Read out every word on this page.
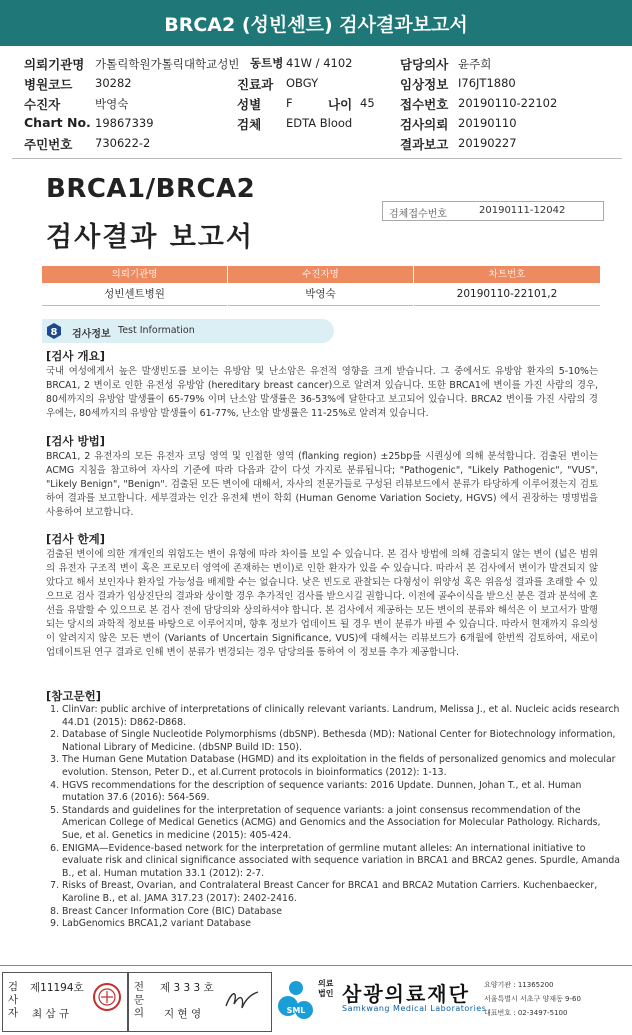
BRCA2 (성빈센트) 검사결과보고서
의뢰기관명 가톨릭학원가톨릭대학교성빈 동트병 41W / 4102	담당의사 윤주희
병원코드 30282	진료과 OBGY	임상정보 I76JT1880
수진자	박영숙	성별 F	나이 45 접수번호 20190110-22102
Chart No. 19867339	검체 EDTA Blood	검사의뢰 20190110
주민번호 730622-2	결과보고 20190227
BRCA1/BRCA2
검사결과 보고서
검체접수번호	20190111-12042
의뢰기관명	수진자명	차트번호
성빈센트병원	박영숙	20190110-22101,2
8 검사정보 Test Information
[검사 개요]
국내 여성에게서 높은 발생빈도를 보이는 유방암 및 난소암은 유전적 영향을 크게 받습니다. 그 중에서도 유방암 환자의 5-10%는 BRCA1, 2 변이로 인한 유전성 유방암 (hereditary breast cancer)으로 알려져 있습니다. 또한 BRCA1에 변이를 가진 사람의 경우, 80세까지의 유방암 발생률이 65-79% 이며 난소암 발생률은 36-53%에 달한다고 보고되어 있습니다. BRCA2 변이를 가진 사람의 경우에는, 80세까지의 유방암 발생률이 61-77%, 난소암 발생률은 11-25%로 알려져 있습니다.
[검사 방법]
BRCA1, 2 유전자의 모든 유전자 코딩 영역 및 인접한 영역 (flanking region) ±25bp를 시퀀싱에 의해 분석합니다. 검출된 변이는 ACMG 지침을 참고하여 자사의 기준에 따라 다음과 같이 다섯 가지로 분류됩니다; "Pathogenic", "Likely Pathogenic", "VUS", "Likely Benign", "Benign". 검출된 모든 변이에 대해서, 자사의 전문가들로 구성된 리뷰보드에서 분류가 타당하게 이루어졌는지 검토하여 결과를 보고합니다. 세부결과는 인간 유전체 변이 학회 (Human Genome Variation Society, HGVS) 에서 권장하는 명명법을 사용하여 보고합니다.
[검사 한계]
검출된 변이에 의한 개개인의 위험도는 변이 유형에 따라 차이를 보일 수 있습니다. 본 검사 방법에 의해 검출되지 않는 변이 (넓은 범위의 유전자 구조적 변이 혹은 프로모터 영역에 존재하는 변이)로 인한 환자가 있을 수 있습니다. 따라서 본 검사에서 변이가 발견되지 않았다고 해서 보인자나 환자일 가능성을 배제할 수는 없습니다. 낮은 빈도로 관찰되는 다형성이 위양성 혹은 위음성 결과를 초래할 수 있으므로 검사 결과가 임상진단의 결과와 상이할 경우 추가적인 검사를 받으시길 권합니다. 이전에 골수이식을 받으신 분은 결과 분석에 혼선을 유발할 수 있으므로 본 검사 전에 담당의와 상의하셔야 합니다. 본 검사에서 제공하는 모든 변이의 분류와 해석은 이 보고서가 발행되는 당시의 과학적 정보를 바탕으로 이루어지며, 향후 정보가 업데이트 될 경우 변이 분류가 바뀔 수 있습니다. 따라서 현재까지 유의성이 알려지지 않은 모든 변이 (Variants of Uncertain Significance, VUS)에 대해서는 리뷰보드가 6개월에 한번씩 검토하여, 새로이 업데이트된 연구 결과로 인해 변이 분류가 변경되는 경우 담당의를 통하여 이 정보를 추가 제공합니다.
[참고문헌]
1. ClinVar: public archive of interpretations of clinically relevant variants. Landrum, Melissa J., et al. Nucleic acids research 44.D1 (2015): D862-D868.
2. Database of Single Nucleotide Polymorphisms (dbSNP). Bethesda (MD): National Center for Biotechnology information, National Library of Medicine. (dbSNP Build ID: 150).
3. The Human Gene Mutation Database (HGMD) and its exploitation in the fields of personalized genomics and molecular evolution. Stenson, Peter D., et al.Current protocols in bioinformatics (2012): 1-13.
4. HGVS recommendations for the description of sequence variants: 2016 Update. Dunnen, Johan T., et al. Human mutation 37.6 (2016): 564-569.
5. Standards and guidelines for the interpretation of sequence variants: a joint consensus recommendation of the American College of Medical Genetics (ACMG) and Genomics and the Association for Molecular Pathology. Richards, Sue, et al. Genetics in medicine (2015): 405-424.
6. ENIGMA—Evidence-based network for the interpretation of germline mutant alleles: An international initiative to evaluate risk and clinical significance associated with sequence variation in BRCA1 and BRCA2 genes. Spurdle, Amanda B., et al. Human mutation 33.1 (2012): 2-7.
7. Risks of Breast, Ovarian, and Contralateral Breast Cancer for BRCA1 and BRCA2 Mutation Carriers. Kuchenbaecker, Karoline B., et al. JAMA 317.23 (2017): 2402-2416.
8. Breast Cancer Information Core (BIC) Database
9. LabGenomics BRCA1,2 variant Database
검사자
제11194호
최 삼 규
전문의
제 3 3 3 호
지 현 영	SML
의료법인 삼광의료재단
Samkwang Medical Laboratories
요양기관 : 11365200
서울특별시 서초구 양재동 9-60
대표번호 : 02-3497-5100
